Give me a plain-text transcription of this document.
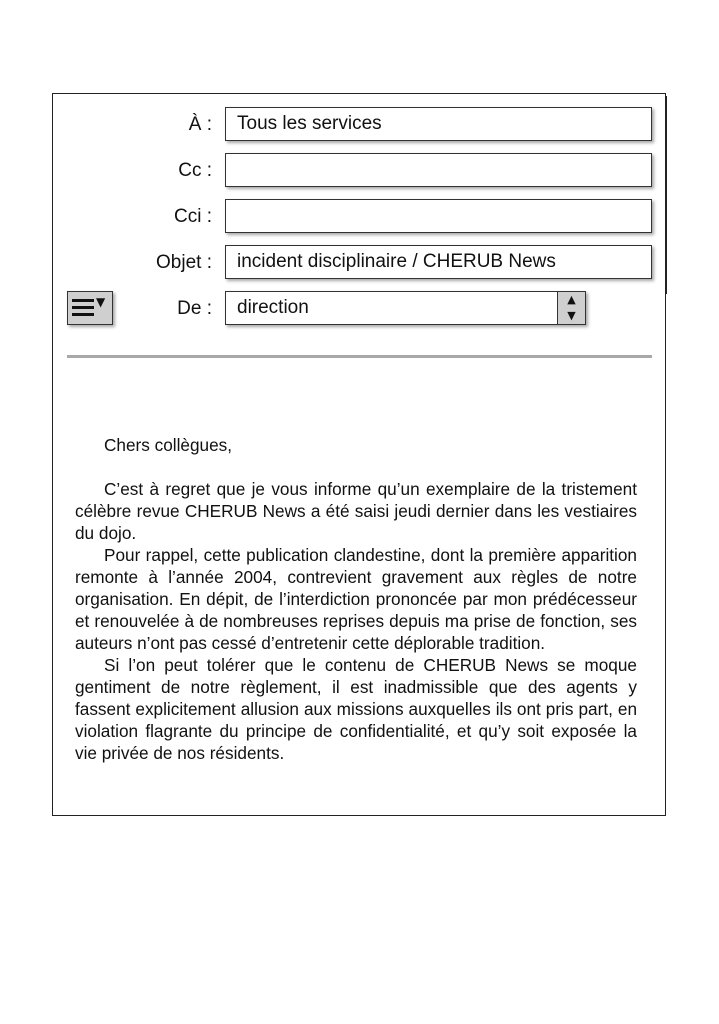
À :	Tous les services
Cc :
Cci :
Objet :	incident disciplinaire / CHERUB News
▼	De :	direction	▲
▼

Chers collègues,

C’est à regret que je vous informe qu’un exemplaire de la tristement célèbre revue CHERUB News a été saisi jeudi dernier dans les vestiaires du dojo.

Pour rappel, cette publication clandestine, dont la première apparition remonte à l’année 2004, contrevient gravement aux règles de notre organisation. En dépit, de l’interdiction prononcée par mon prédécesseur et renouvelée à de nombreuses reprises depuis ma prise de fonction, ses auteurs n’ont pas cessé d’entretenir cette déplorable tradition.

Si l’on peut tolérer que le contenu de CHERUB News se moque gentiment de notre règlement, il est inadmissible que des agents y fassent explicitement allusion aux missions auxquelles ils ont pris part, en violation flagrante du principe de confidentialité, et qu’y soit exposée la vie privée de nos résidents.
